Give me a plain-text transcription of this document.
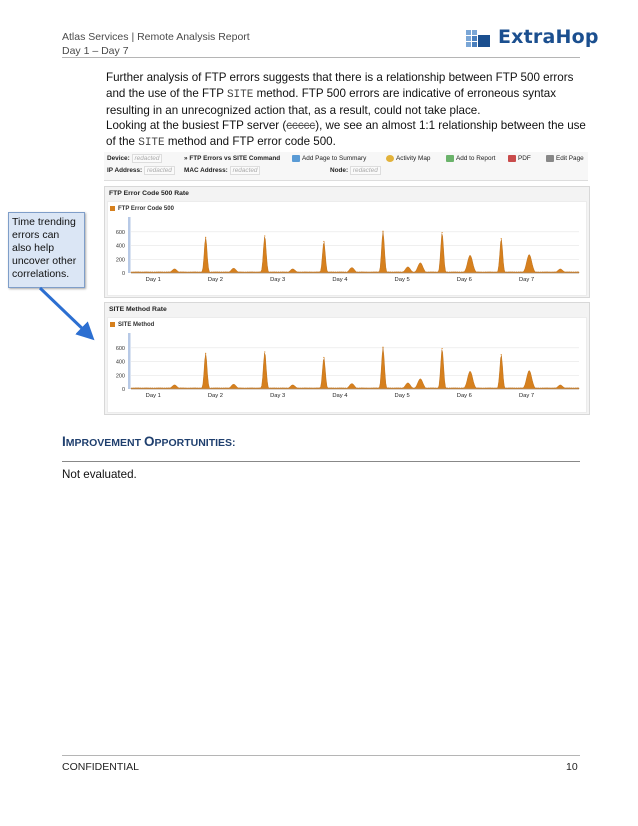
Atlas Services | Remote Analysis Report
Day 1 – Day 7
ExtraHop
Further analysis of FTP errors suggests that there is a relationship between FTP 500 errors and the use of the FTP SITE method. FTP 500 errors are indicative of erroneous syntax resulting in an unrecognized action that, as a result, could not take place.
Looking at the busiest FTP server (ccccc), we see an almost 1:1 relationship between the use of the SITE method and FTP error code 500.
Device: redacted	» FTP Errors vs SITE Command	Add Page to Summary	Activity Map	Add to Report	PDF	Edit Page
IP Address: redacted	MAC Address: redacted	Node: redacted
FTP Error Code 500 Rate
FTP Error Code 500
0
200
400
600
Day 1	Day 2	Day 3	Day 4	Day 5	Day 6	Day 7
SITE Method Rate
SITE Method
0
200
400
600
Day 1	Day 2	Day 3	Day 4	Day 5	Day 6	Day 7
Time trending errors can also help uncover other correlations.
IMPROVEMENT OPPORTUNITIES:
Not evaluated.
CONFIDENTIAL	10
